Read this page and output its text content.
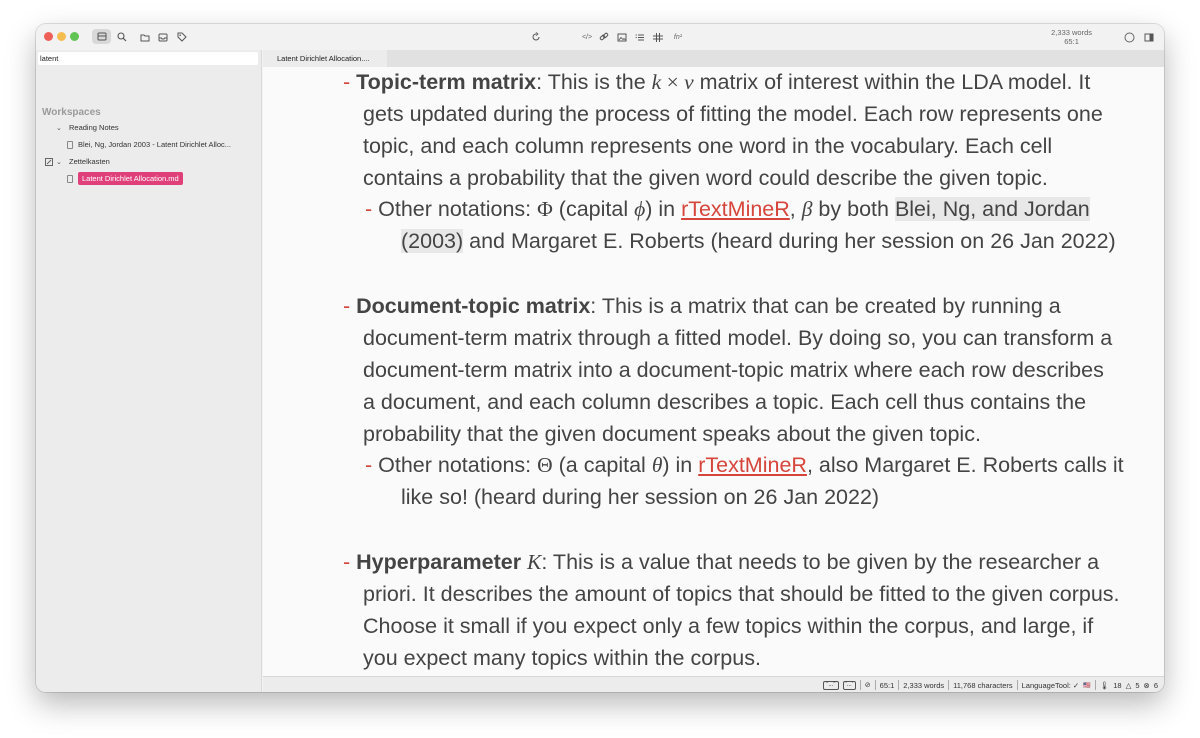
</>	fn¹	2,333 words
65:1
latent
Workspaces
⌄ Reading Notes
Blei, Ng, Jordan 2003 - Latent Dirichlet Alloc...
⌄ Zettelkasten
Latent Dirichlet Allocation.md
Latent Dirichlet Allocation....
- Topic-term matrix: This is the k × v matrix of interest within the LDA model. It
gets updated during the process of fitting the model. Each row represents one
topic, and each column represents one word in the vocabulary. Each cell
contains a probability that the given word could describe the given topic.
- Other notations: Φ (capital ϕ) in rTextMineR, β by both Blei, Ng, and Jordan
(2003) and Margaret E. Roberts (heard during her session on 26 Jan 2022)
- Document-topic matrix: This is a matrix that can be created by running a
document-term matrix through a fitted model. By doing so, you can transform a
document-term matrix into a document-topic matrix where each row describes
a document, and each column describes a topic. Each cell thus contains the
probability that the given document speaks about the given topic.
- Other notations: Θ (a capital θ) in rTextMineR, also Margaret E. Roberts calls it
like so! (heard during her session on 26 Jan 2022)
- Hyperparameter K: This is a value that needs to be given by the researcher a
priori. It describes the amount of topics that should be fitted to the given corpus.
Choose it small if you expect only a few topics within the corpus, and large, if
you expect many topics within the corpus.
"..."	'...'	⊘ 65:1 2,333 words 11,768 characters LanguageTool: ✓ 🇺🇸 🌡 18 △ 5 ⊗ 6
